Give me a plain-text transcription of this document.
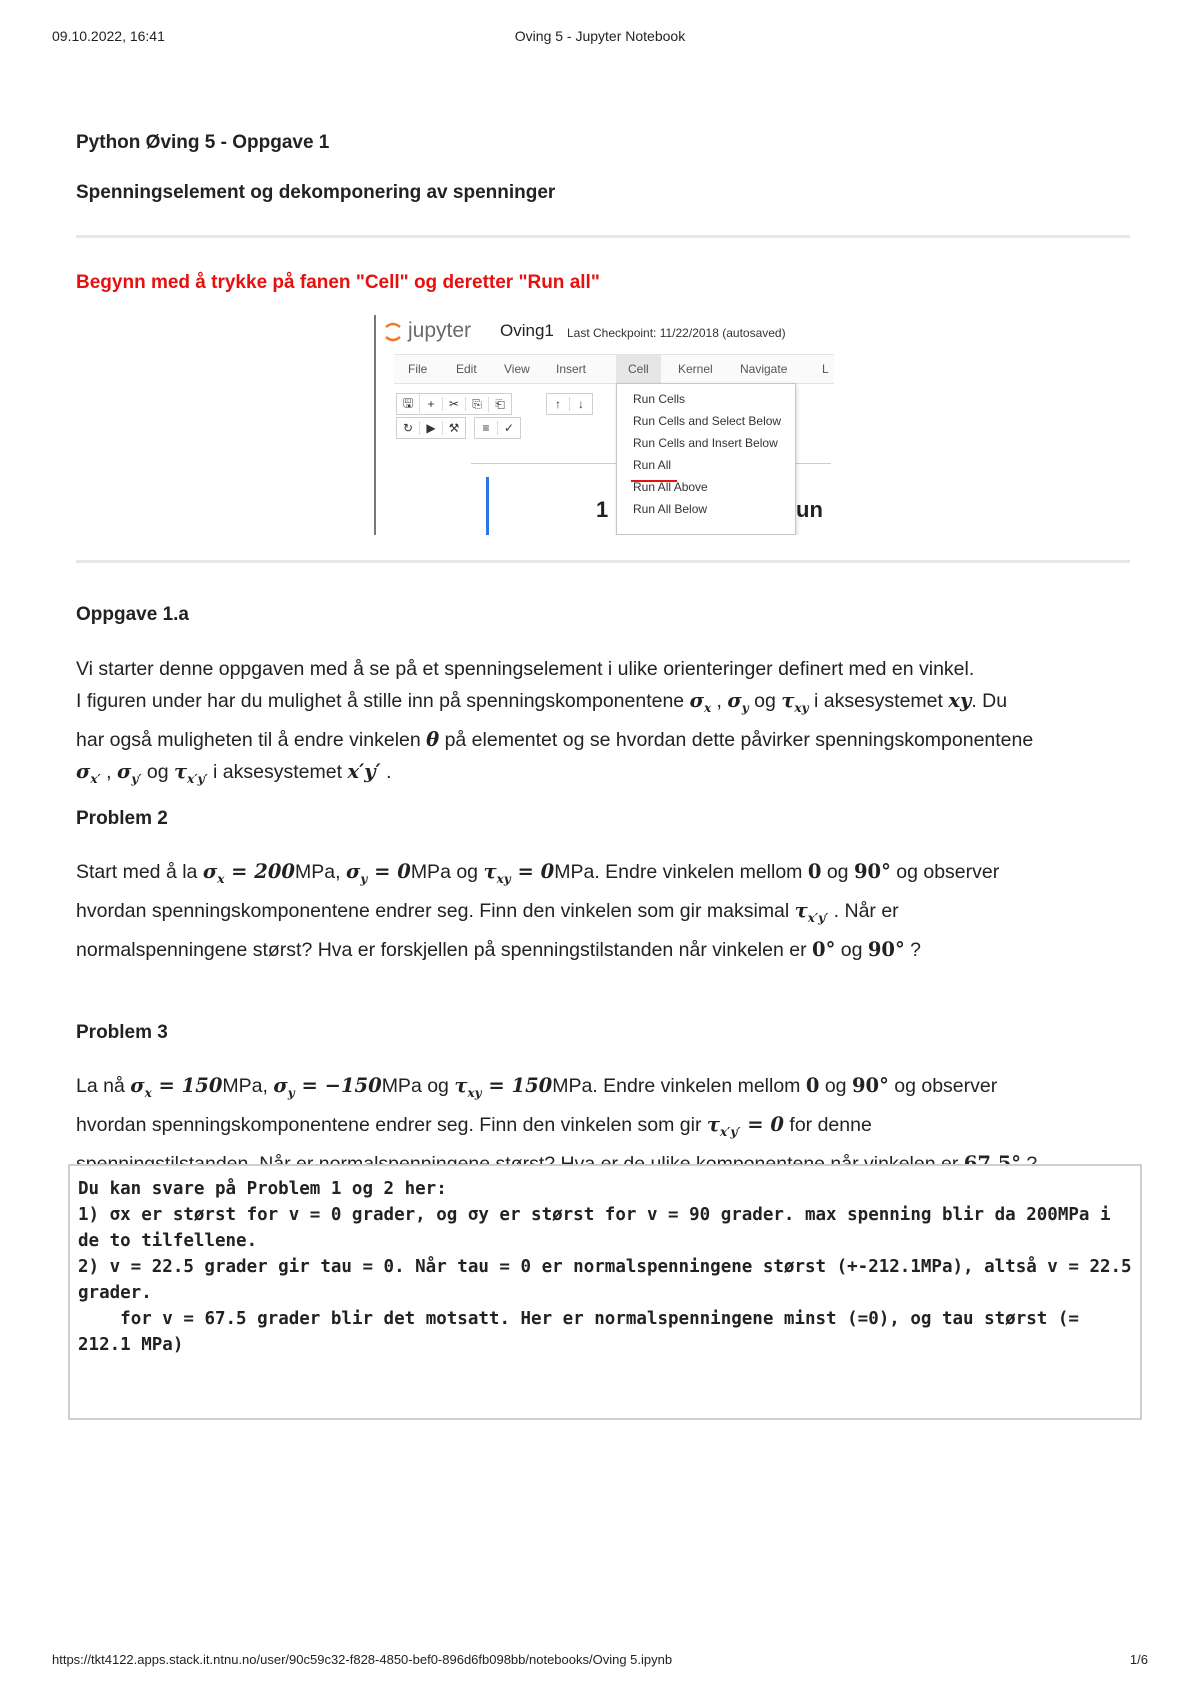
09.10.2022, 16:41	Oving 5 - Jupyter Notebook
Python Øving 5 - Oppgave 1
Spenningselement og dekomponering av spenninger
Begynn med å trykke på fanen "Cell" og deretter "Run all"
jupyter Oving1 Last Checkpoint: 11/22/2018 (autosaved)
File Edit View Insert	Cell	Kernel Navigate	L
🖫	+	✂	⎘	⎗	↑	↓
↻	▶	⚒	≡	✓
1	un
Run Cells
Run Cells and Select Below
Run Cells and Insert Below
Run All
Run All Above
Run All Below
Oppgave 1.a

Vi starter denne oppgaven med å se på et spenningselement i ulike orienteringer definert med en vinkel.
I figuren under har du mulighet å stille inn på spenningskomponentene $\sigma_x$ , $\sigma_y$ og $\tau_{xy}$ i aksesystemet xy. Du
har også muligheten til å endre vinkelen θ på elementet og se hvordan dette påvirker spenningskomponentene
$\sigma_{x'}$ , $\sigma_{y'}$ og $\tau_{x'y'}$ i aksesystemet x′y′ .

Problem 2

Start med å la $\sigma_x = 200MPa$, $\sigma_y = 0MPa$ og $\tau_{xy} = 0MPa$. Endre vinkelen mellom 0 og 90° og observer
hvordan spenningskomponentene endrer seg. Finn den vinkelen som gir maksimal $\tau_{x'y'}$ . Når er
normalspenningene størst? Hva er forskjellen på spenningstilstanden når vinkelen er 0° og 90° ?

Problem 3

La nå $\sigma_x = 150MPa$, $\sigma_y = -150MPa$ og $\tau_{xy} = 150MPa$. Endre vinkelen mellom 0 og 90° og observer
hvordan spenningskomponentene endrer seg. Finn den vinkelen som gir $\tau_{x'y'} = 0$ for denne

Du kan svare på Problem 1 og 2 her:
1) σx er størst for v = 0 grader, og σy er størst for v = 90 grader. max spenning blir da 200MPa i de to tilfellene.
2) v = 22.5 grader gir tau = 0. Når tau = 0 er normalspenningene størst (+-212.1MPa), altså v = 22.5 grader.
for v = 67.5 grader blir det motsatt. Her er normalspenningene minst (=0), og tau størst (= 212.1 MPa)
https://tkt4122.apps.stack.it.ntnu.no/user/90c59c32-f828-4850-bef0-896d6fb098bb/notebooks/Oving 5.ipynb	1/6
